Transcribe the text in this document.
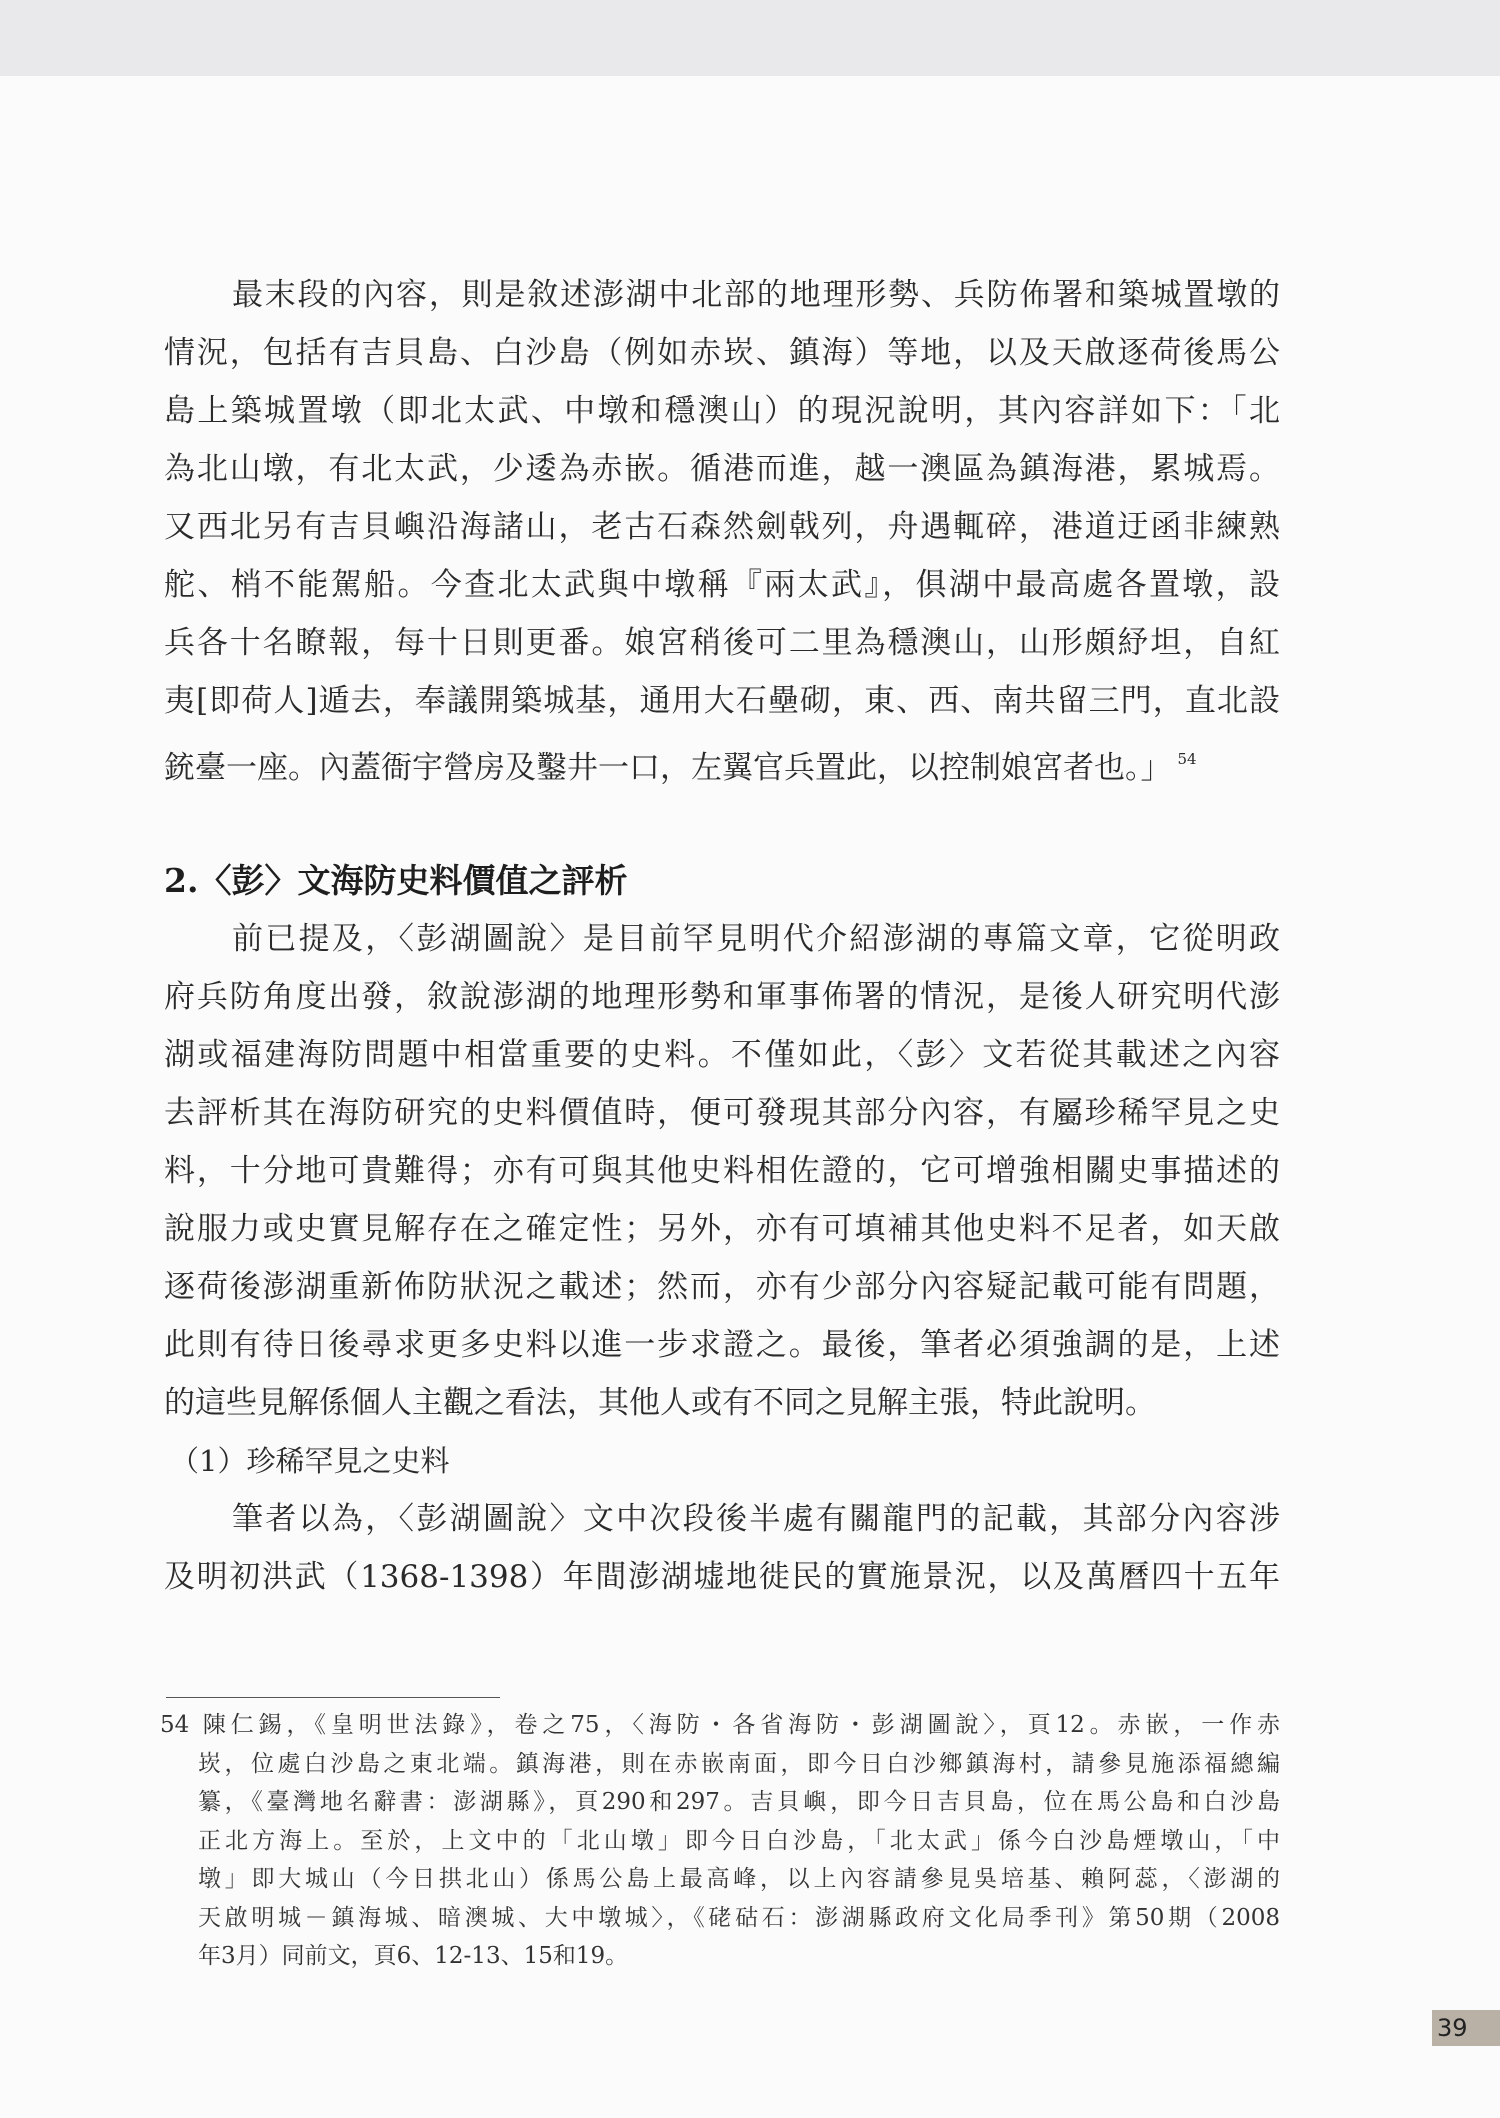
最末段的內容，則是敘述澎湖中北部的地理形勢、兵防佈署和築城置墩的
情況，包括有吉貝島、白沙島（例如赤崁、鎮海）等地，以及天啟逐荷後馬公
島上築城置墩（即北太武、中墩和穩澳山）的現況說明，其內容詳如下：「北
為北山墩，有北太武，少逶為赤嵌。循港而進，越一澳區為鎮海港，累城焉。
又西北另有吉貝嶼沿海諸山，老古石森然劍戟列，舟遇輒碎，港道迂函非練熟
舵、梢不能駕船。今查北太武與中墩稱『兩太武』，俱湖中最高處各置墩，設
兵各十名瞭報，每十日則更番。娘宮稍後可二里為穩澳山，山形頗紓坦，自紅
夷[即荷人]遁去，奉議開築城基，通用大石壘砌，東、西、南共留三門，直北設
銃臺一座。內蓋衙宇營房及鑿井一口，左翼官兵置此，以控制娘宮者也。」 $^{54}$
2.〈彭〉文海防史料價值之評析
前已提及，〈彭湖圖說〉是目前罕見明代介紹澎湖的專篇文章，它從明政
府兵防角度出發，敘說澎湖的地理形勢和軍事佈署的情況，是後人研究明代澎
湖或福建海防問題中相當重要的史料。不僅如此，〈彭〉文若從其載述之內容
去評析其在海防研究的史料價值時，便可發現其部分內容，有屬珍稀罕見之史
料，十分地可貴難得；亦有可與其他史料相佐證的，它可增強相關史事描述的
說服力或史實見解存在之確定性；另外，亦有可填補其他史料不足者，如天啟
逐荷後澎湖重新佈防狀況之載述；然而，亦有少部分內容疑記載可能有問題，
此則有待日後尋求更多史料以進一步求證之。最後，筆者必須強調的是，上述
的這些見解係個人主觀之看法，其他人或有不同之見解主張，特此說明。
（1）珍稀罕見之史料
筆者以為，〈彭湖圖說〉文中次段後半處有關龍門的記載，其部分內容涉
及明初洪武（1368-1398）年間澎湖墟地徙民的實施景況，以及萬曆四十五年
54 陳仁錫，《皇明世法錄》，卷之75，〈海防・各省海防・彭湖圖說〉，頁12。赤嵌，一作赤
崁，位處白沙島之東北端。鎮海港，則在赤嵌南面，即今日白沙鄉鎮海村，請參見施添福總編
纂，《臺灣地名辭書：澎湖縣》，頁290和297。吉貝嶼，即今日吉貝島，位在馬公島和白沙島
正北方海上。至於，上文中的「北山墩」即今日白沙島，「北太武」係今白沙島煙墩山，「中
墩」即大城山（今日拱北山）係馬公島上最高峰，以上內容請參見吳培基、賴阿蕊，〈澎湖的
天啟明城－鎮海城、暗澳城、大中墩城〉，《硓𥑮石：澎湖縣政府文化局季刊》第50期（2008
年3月）同前文，頁6、12-13、15和19。
39
